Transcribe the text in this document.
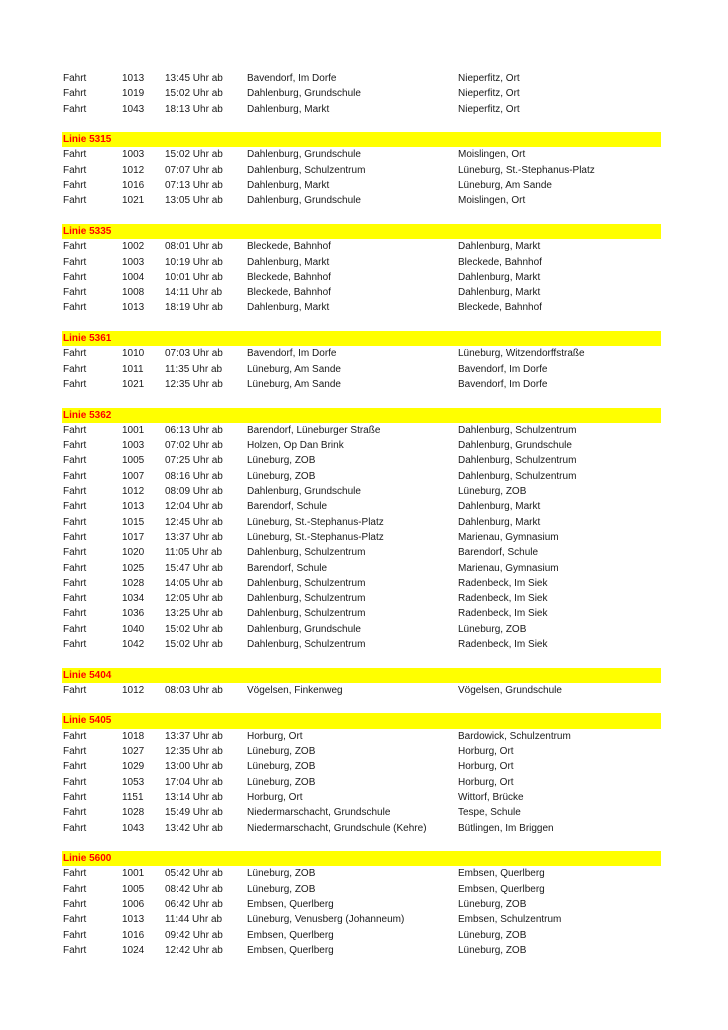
Fahrt	1013 13:45 Uhr ab Bavendorf, Im Dorfe	Nieperfitz, Ort
Fahrt	1019 15:02 Uhr ab Dahlenburg, Grundschule	Nieperfitz, Ort
Fahrt	1043 18:13 Uhr ab Dahlenburg, Markt	Nieperfitz, Ort
Linie 5315
Fahrt	1003 15:02 Uhr ab Dahlenburg, Grundschule	Moislingen, Ort
Fahrt	1012 07:07 Uhr ab Dahlenburg, Schulzentrum	Lüneburg, St.-Stephanus-Platz
Fahrt	1016 07:13 Uhr ab Dahlenburg, Markt	Lüneburg, Am Sande
Fahrt	1021 13:05 Uhr ab Dahlenburg, Grundschule	Moislingen, Ort
Linie 5335
Fahrt	1002 08:01 Uhr ab Bleckede, Bahnhof	Dahlenburg, Markt
Fahrt	1003 10:19 Uhr ab Dahlenburg, Markt	Bleckede, Bahnhof
Fahrt	1004 10:01 Uhr ab Bleckede, Bahnhof	Dahlenburg, Markt
Fahrt	1008 14:11 Uhr ab Bleckede, Bahnhof	Dahlenburg, Markt
Fahrt	1013 18:19 Uhr ab Dahlenburg, Markt	Bleckede, Bahnhof
Linie 5361
Fahrt	1010 07:03 Uhr ab Bavendorf, Im Dorfe	Lüneburg, Witzendorffstraße
Fahrt	1011 11:35 Uhr ab Lüneburg, Am Sande	Bavendorf, Im Dorfe
Fahrt	1021 12:35 Uhr ab Lüneburg, Am Sande	Bavendorf, Im Dorfe
Linie 5362
Fahrt	1001 06:13 Uhr ab Barendorf, Lüneburger Straße	Dahlenburg, Schulzentrum
Fahrt	1003 07:02 Uhr ab Holzen, Op Dan Brink	Dahlenburg, Grundschule
Fahrt	1005 07:25 Uhr ab Lüneburg, ZOB	Dahlenburg, Schulzentrum
Fahrt	1007 08:16 Uhr ab Lüneburg, ZOB	Dahlenburg, Schulzentrum
Fahrt	1012 08:09 Uhr ab Dahlenburg, Grundschule	Lüneburg, ZOB
Fahrt	1013 12:04 Uhr ab Barendorf, Schule	Dahlenburg, Markt
Fahrt	1015 12:45 Uhr ab Lüneburg, St.-Stephanus-Platz	Dahlenburg, Markt
Fahrt	1017 13:37 Uhr ab Lüneburg, St.-Stephanus-Platz	Marienau, Gymnasium
Fahrt	1020 11:05 Uhr ab Dahlenburg, Schulzentrum	Barendorf, Schule
Fahrt	1025 15:47 Uhr ab Barendorf, Schule	Marienau, Gymnasium
Fahrt	1028 14:05 Uhr ab Dahlenburg, Schulzentrum	Radenbeck, Im Siek
Fahrt	1034 12:05 Uhr ab Dahlenburg, Schulzentrum	Radenbeck, Im Siek
Fahrt	1036 13:25 Uhr ab Dahlenburg, Schulzentrum	Radenbeck, Im Siek
Fahrt	1040 15:02 Uhr ab Dahlenburg, Grundschule	Lüneburg, ZOB
Fahrt	1042 15:02 Uhr ab Dahlenburg, Schulzentrum	Radenbeck, Im Siek
Linie 5404
Fahrt	1012 08:03 Uhr ab Vögelsen, Finkenweg	Vögelsen, Grundschule
Linie 5405
Fahrt	1018 13:37 Uhr ab Horburg, Ort	Bardowick, Schulzentrum
Fahrt	1027 12:35 Uhr ab Lüneburg, ZOB	Horburg, Ort
Fahrt	1029 13:00 Uhr ab Lüneburg, ZOB	Horburg, Ort
Fahrt	1053 17:04 Uhr ab Lüneburg, ZOB	Horburg, Ort
Fahrt	1151 13:14 Uhr ab Horburg, Ort	Wittorf, Brücke
Fahrt	1028 15:49 Uhr ab Niedermarschacht, Grundschule	Tespe, Schule
Fahrt	1043 13:42 Uhr ab Niedermarschacht, Grundschule (Kehre)	Bütlingen, Im Briggen
Linie 5600
Fahrt	1001 05:42 Uhr ab Lüneburg, ZOB	Embsen, Querlberg
Fahrt	1005 08:42 Uhr ab Lüneburg, ZOB	Embsen, Querlberg
Fahrt	1006 06:42 Uhr ab Embsen, Querlberg	Lüneburg, ZOB
Fahrt	1013 11:44 Uhr ab Lüneburg, Venusberg (Johanneum)	Embsen, Schulzentrum
Fahrt	1016 09:42 Uhr ab Embsen, Querlberg	Lüneburg, ZOB
Fahrt	1024 12:42 Uhr ab Embsen, Querlberg	Lüneburg, ZOB
